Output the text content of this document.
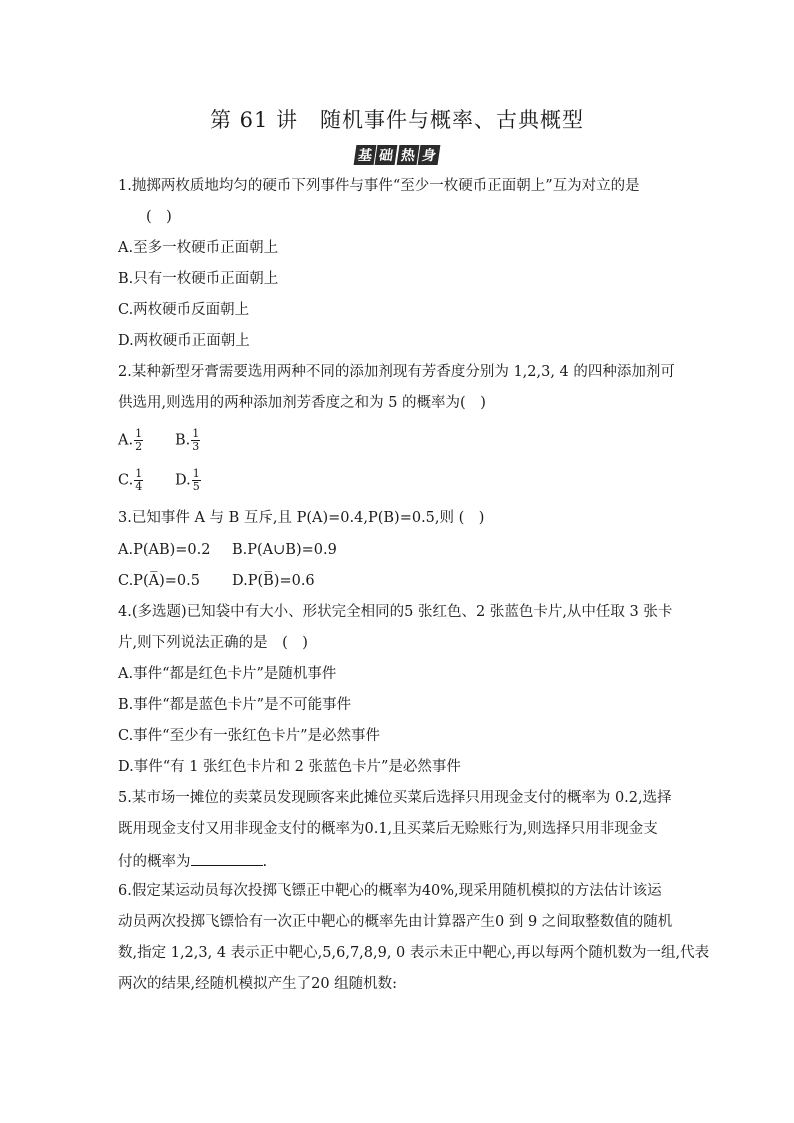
第 61 讲　随机事件与概率、古典概型
基 础 热 身
1.抛掷两枚质地均匀的硬币下列事件与事件“至少一枚硬币正面朝上”互为对立的是
(　)
A.至多一枚硬币正面朝上
B.只有一枚硬币正面朝上
C.两枚硬币反面朝上
D.两枚硬币正面朝上
2.某种新型牙膏需要选用两种不同的添加剂现有芳香度分别为 1,2,3, 4 的四种添加剂可
供选用,则选用的两种添加剂芳香度之和为 5 的概率为(　)
A. $\frac{1}{2} B$. $\frac{1}{3}$
C. $\frac{1}{4} D$. $\frac{1}{5}$
3.已知事件 A 与 B 互斥,且 P(A)=0.4,P(B)=0.5,则 (　)
A.P(AB)=0.2 B.P(A∪B)=0.9
C.P(A̅)=0.5 D.P(B̅)=0.6
4.(多选题)已知袋中有大小、形状完全相同的5 张红色、2 张蓝色卡片,从中任取 3 张卡
片,则下列说法正确的是　(　)
A.事件“都是红色卡片”是随机事件
B.事件“都是蓝色卡片”是不可能事件
C.事件“至少有一张红色卡片”是必然事件
D.事件“有 1 张红色卡片和 2 张蓝色卡片”是必然事件
5.某市场一摊位的卖菜员发现顾客来此摊位买菜后选择只用现金支付的概率为 0.2,选择
既用现金支付又用非现金支付的概率为0.1,且买菜后无赊账行为,则选择只用非现金支
付的概率为	.
6.假定某运动员每次投掷飞镖正中靶心的概率为40%,现采用随机模拟的方法估计该运
动员两次投掷飞镖恰有一次正中靶心的概率先由计算器产生0 到 9 之间取整数值的随机
数,指定 1,2,3, 4 表示正中靶心,5,6,7,8,9, 0 表示未正中靶心,再以每两个随机数为一组,代表
两次的结果,经随机模拟产生了20 组随机数:
